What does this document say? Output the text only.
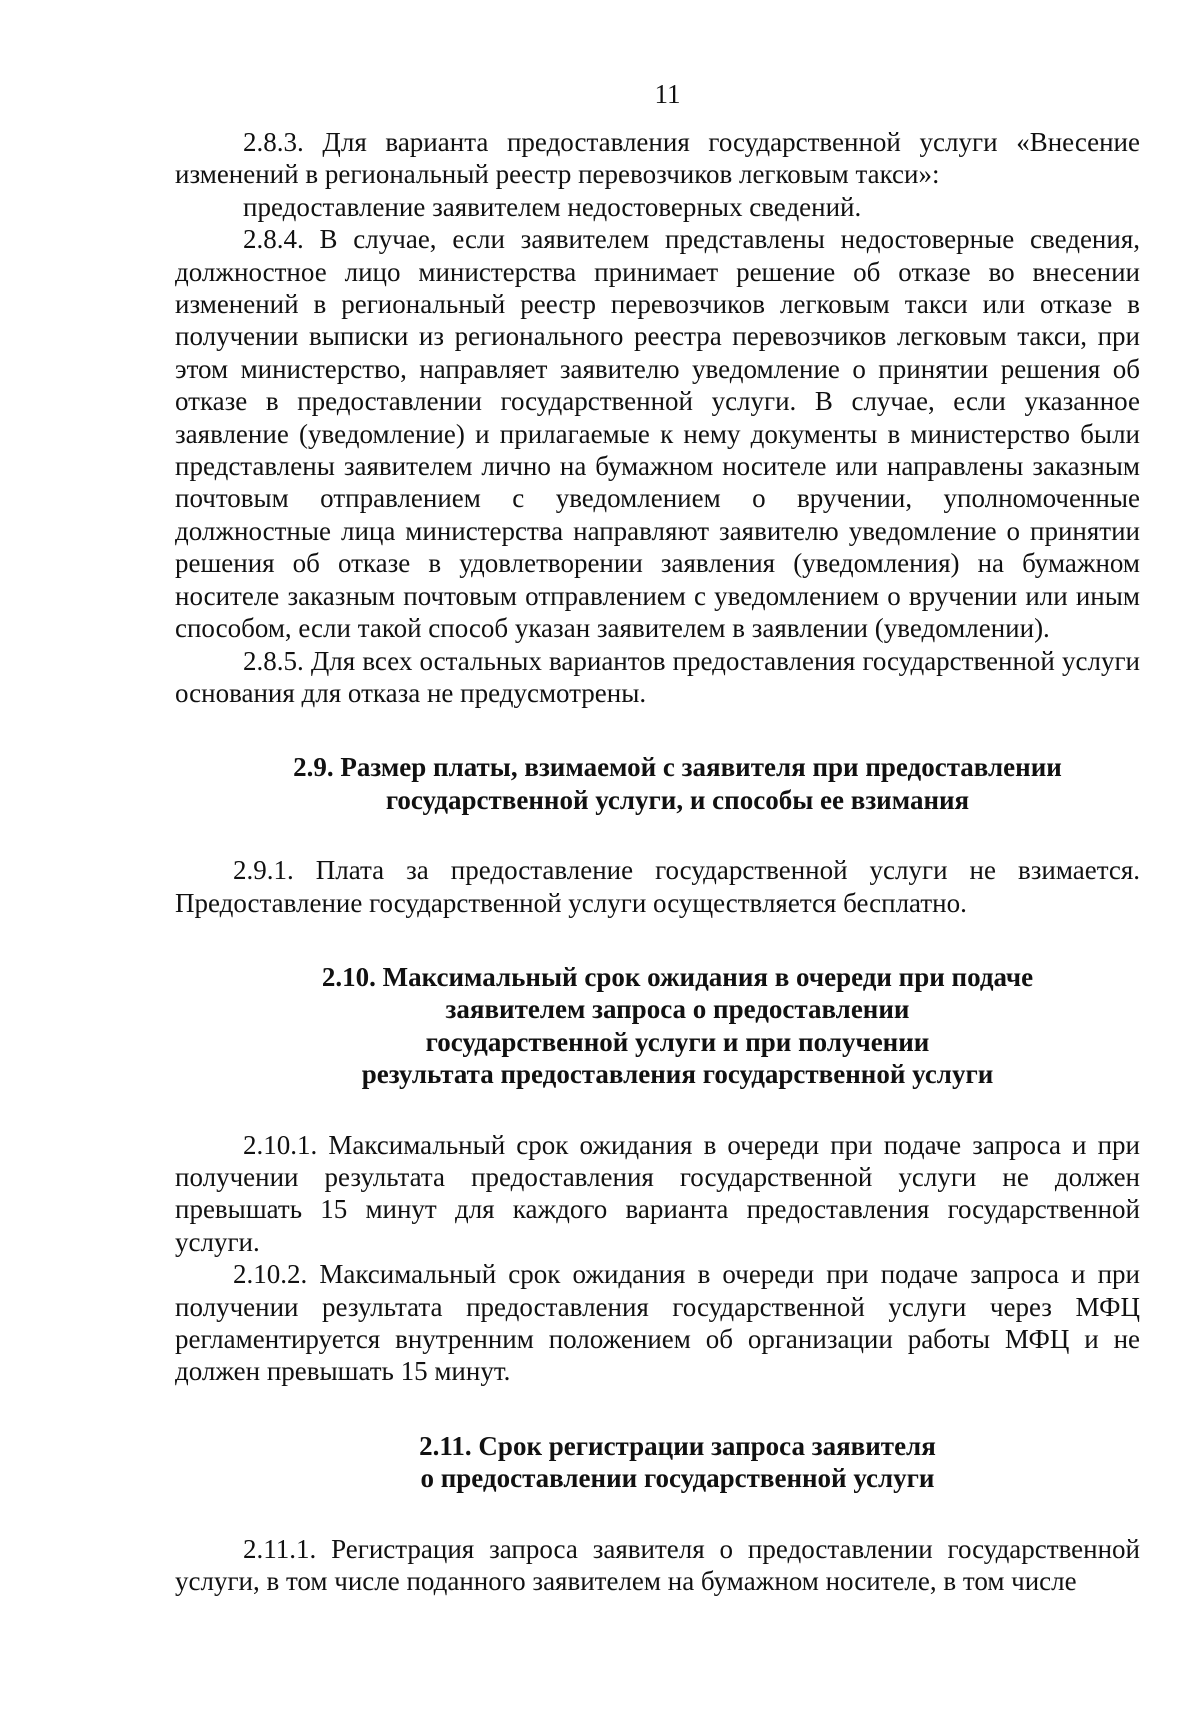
11

2.8.3. Для варианта предоставления государственной услуги «Внесение изменений в региональный реестр перевозчиков легковым такси»:

предоставление заявителем недостоверных сведений.

2.8.4. В случае, если заявителем представлены недостоверные сведения, должностное лицо министерства принимает решение об отказе во внесении изменений в региональный реестр перевозчиков легковым такси или отказе в получении выписки из регионального реестра перевозчиков легковым такси, при этом министерство, направляет заявителю уведомление о принятии решения об отказе в предоставлении государственной услуги. В случае, если указанное заявление (уведомление) и прилагаемые к нему документы в министерство были представлены заявителем лично на бумажном носителе или направлены заказным почтовым отправлением с уведомлением о вручении, уполномоченные должностные лица министерства направляют заявителю уведомление о принятии решения об отказе в удовлетворении заявления (уведомления) на бумажном носителе заказным почтовым отправлением с уведомлением о вручении или иным способом, если такой способ указан заявителем в заявлении (уведомлении).

2.8.5. Для всех остальных вариантов предоставления государственной услуги основания для отказа не предусмотрены.

2.9. Размер платы, взимаемой с заявителя при предоставлении
государственной услуги, и способы ее взимания

2.9.1. Плата за предоставление государственной услуги не взимается. Предоставление государственной услуги осуществляется бесплатно.

2.10. Максимальный срок ожидания в очереди при подаче
заявителем запроса о предоставлении
государственной услуги и при получении
результата предоставления государственной услуги

2.10.1. Максимальный срок ожидания в очереди при подаче запроса и при получении результата предоставления государственной услуги не должен превышать 15 минут для каждого варианта предоставления государственной услуги.

2.10.2. Максимальный срок ожидания в очереди при подаче запроса и при получении результата предоставления государственной услуги через МФЦ регламентируется внутренним положением об организации работы МФЦ и не должен превышать 15 минут.

2.11. Срок регистрации запроса заявителя
о предоставлении государственной услуги

2.11.1. Регистрация запроса заявителя о предоставлении государственной услуги, в том числе поданного заявителем на бумажном носителе, в том числе
